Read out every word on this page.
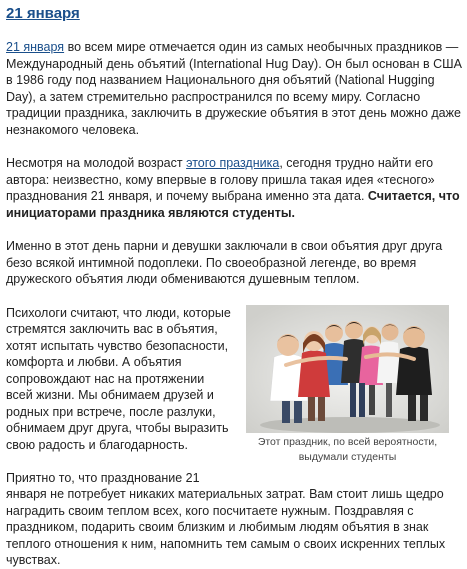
21 января

21 января во всем мире отмечается один из самых необычных праздников — Международный день объятий (International Hug Day). Он был основан в США в 1986 году под названием Национального дня объятий (National Hugging Day), а затем стремительно распространился по всему миру. Согласно традиции праздника, заключить в дружеские объятия в этот день можно даже незнакомого человека.

Несмотря на молодой возраст этого праздника, сегодня трудно найти его автора: неизвестно, кому впервые в голову пришла такая идея «тесного» празднования 21 января, и почему выбрана именно эта дата. Считается, что инициаторами праздника являются студенты.

Именно в этот день парни и девушки заключали в свои объятия друг друга безо всякой интимной подоплеки. По своеобразной легенде, во время дружеского объятия люди обмениваются душевным теплом.

Психологи считают, что люди, которые стремятся заключить вас в объятия, хотят испытать чувство безопасности, комфорта и любви. А объятия сопровождают нас на протяжении всей жизни. Мы обнимаем друзей и родных при встрече, после разлуки, обнимаем друг друга, чтобы выразить свою радость и благодарность.	Этот праздник, по всей вероятности, выдумали студенты

Приятно то, что празднование 21
января не потребует никаких материальных затрат. Вам стоит лишь щедро наградить своим теплом всех, кого посчитаете нужным. Поздравляя с праздником, подарить своим близким и любимым людям объятия в знак теплого отношения к ним, напомнить тем самым о своих искренних теплых чувствах.
